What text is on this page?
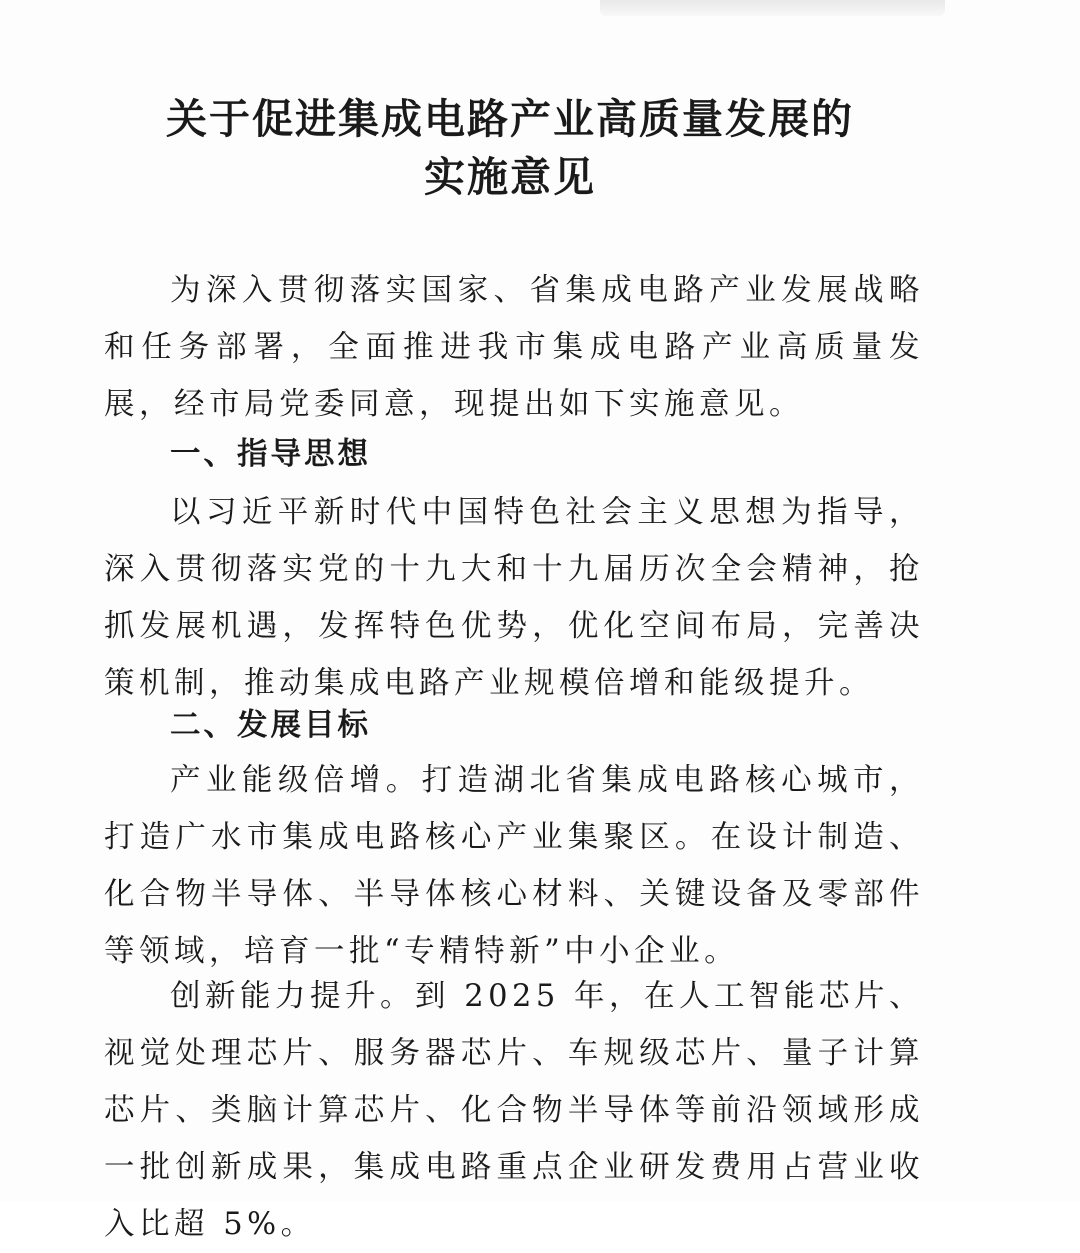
关于促进集成电路产业高质量发展的
实施意见

为深入贯彻落实国家、省集成电路产业发展战略和任务部署，全面推进我市集成电路产业高质量发展，经市局党委同意，现提出如下实施意见。

一、指导思想

以习近平新时代中国特色社会主义思想为指导，深入贯彻落实党的十九大和十九届历次全会精神，抢抓发展机遇，发挥特色优势，优化空间布局，完善决策机制，推动集成电路产业规模倍增和能级提升。

二、发展目标

产业能级倍增。打造湖北省集成电路核心城市，打造广水市集成电路核心产业集聚区。在设计制造、化合物半导体、半导体核心材料、关键设备及零部件等领域，培育一批“专精特新”中小企业。

创新能力提升。到 2025 年，在人工智能芯片、视觉处理芯片、服务器芯片、车规级芯片、量子计算芯片、类脑计算芯片、化合物半导体等前沿领域形成一批创新成果，集成电路重点企业研发费用占营业收入比超 5%。
